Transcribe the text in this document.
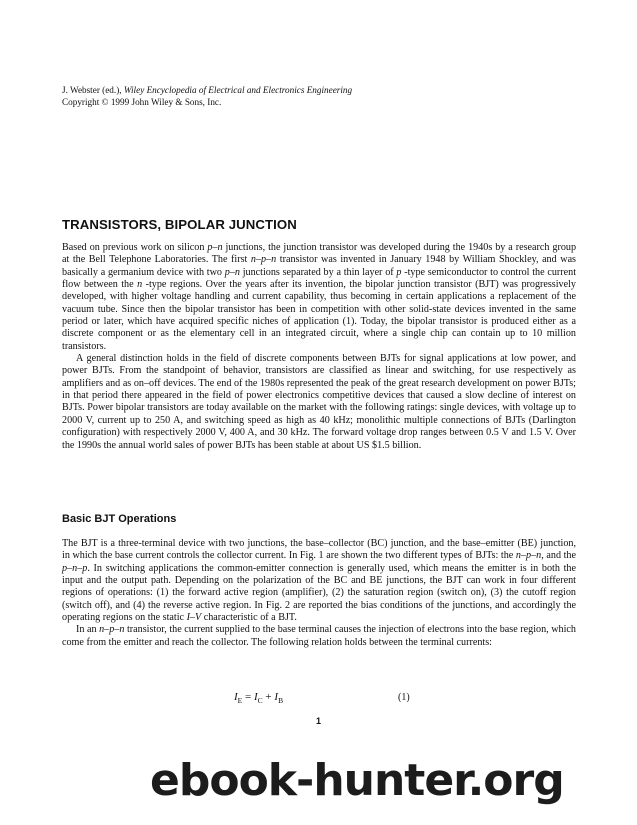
J. Webster (ed.), Wiley Encyclopedia of Electrical and Electronics Engineering
Copyright © 1999 John Wiley & Sons, Inc.
TRANSISTORS, BIPOLAR JUNCTION

Based on previous work on silicon p–n junctions, the junction transistor was developed during the 1940s by a research group at the Bell Telephone Laboratories. The first n–p–n transistor was invented in January 1948 by William Shockley, and was basically a germanium device with two p–n junctions separated by a thin layer of p -type semiconductor to control the current flow between the n -type regions. Over the years after its invention, the bipolar junction transistor (BJT) was progressively developed, with higher voltage handling and current capability, thus becoming in certain applications a replacement of the vacuum tube. Since then the bipolar transistor has been in competition with other solid-state devices invented in the same period or later, which have acquired specific niches of application (1). Today, the bipolar transistor is produced either as a discrete component or as the elementary cell in an integrated circuit, where a single chip can contain up to 10 million transistors.

A general distinction holds in the field of discrete components between BJTs for signal applications at low power, and power BJTs. From the standpoint of behavior, transistors are classified as linear and switching, for use respectively as amplifiers and as on–off devices. The end of the 1980s represented the peak of the great research development on power BJTs; in that period there appeared in the field of power electronics competitive devices that caused a slow decline of interest on BJTs. Power bipolar transistors are today available on the market with the following ratings: single devices, with voltage up to 2000 V, current up to 250 A, and switching speed as high as 40 kHz; monolithic multiple connections of BJTs (Darlington configuration) with respectively 2000 V, 400 A, and 30 kHz. The forward voltage drop ranges between 0.5 V and 1.5 V. Over the 1990s the annual world sales of power BJTs has been stable at about US $1.5 billion.

Basic BJT Operations

The BJT is a three-terminal device with two junctions, the base–collector (BC) junction, and the base–emitter (BE) junction, in which the base current controls the collector current. In Fig. 1 are shown the two different types of BJTs: the n–p–n, and the p–n–p. In switching applications the common-emitter connection is generally used, which means the emitter is in both the input and the output path. Depending on the polarization of the BC and BE junctions, the BJT can work in four different regions of operations: (1) the forward active region (amplifier), (2) the saturation region (switch on), (3) the cutoff region (switch off), and (4) the reverse active region. In Fig. 2 are reported the bias conditions of the junctions, and accordingly the operating regions on the static I–V characteristic of a BJT.

In an n–p–n transistor, the current supplied to the base terminal causes the injection of electrons into the base region, which come from the emitter and reach the collector. The following relation holds between the terminal currents:

$I_E = I_C + I_B$	(1)
1
ebook-hunter.org
